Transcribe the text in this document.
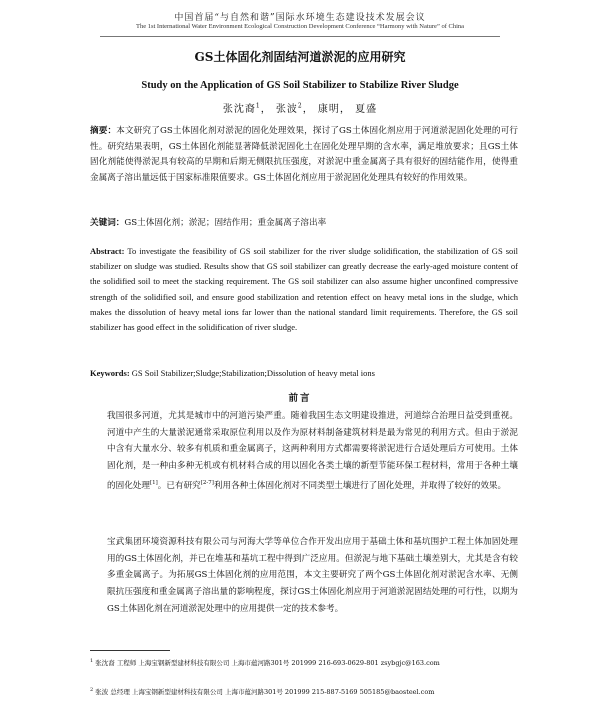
中国首届“与自然和谐”国际水环境生态建设技术发展会议
The 1st International Water Environment Ecological Construction Development Conference “Harmony with Nature” of China
GS土体固化剂固结河道淤泥的应用研究
Study on the Application of GS Soil Stabilizer to Stabilize River Sludge
张沈裔$^1$， 张波$^2$， 康明， 夏盛
摘要：本文研究了GS土体固化剂对淤泥的固化处理效果，探讨了GS土体固化剂应用于河道淤泥固化处理的可行性。研究结果表明，GS土体固化剂能显著降低淤泥固化土在固化处理早期的含水率，满足堆放要求；且GS土体固化剂能使得淤泥具有较高的早期和后期无侧限抗压强度，对淤泥中重金属离子具有很好的固结能作用，使得重金属离子溶出量远低于国家标准限值要求。GS土体固化剂应用于淤泥固化处理具有较好的作用效果。
关键词：GS土体固化剂；淤泥；固结作用；重金属离子溶出率
Abstract: To investigate the feasibility of GS soil stabilizer for the river sludge solidification, the stabilization of GS soil stabilizer on sludge was studied. Results show that GS soil stabilizer can greatly decrease the early-aged moisture content of the solidified soil to meet the stacking requirement. The GS soil stabilizer can also assume higher unconfined compressive strength of the solidified soil, and ensure good stabilization and retention effect on heavy metal ions in the sludge, which makes the dissolution of heavy metal ions far lower than the national standard limit requirements. Therefore, the GS soil stabilizer has good effect in the solidification of river sludge.
Keywords: GS Soil Stabilizer;Sludge;Stabilization;Dissolution of heavy metal ions
前言
我国很多河道，尤其是城市中的河道污染严重。随着我国生态文明建设推进，河道综合治理日益受到重视。河道中产生的大量淤泥通常采取原位利用以及作为原材料制备建筑材料是最为常见的利用方式。但由于淤泥中含有大量水分、较多有机质和重金属离子，这两种利用方式都需要将淤泥进行合适处理后方可使用。土体固化剂，是一种由多种无机或有机材料合成的用以固化各类土壤的新型节能环保工程材料，常用于各种土壤的固化处理[1]。已有研究[2-7]利用各种土体固化剂对不同类型土壤进行了固化处理，并取得了较好的效果。
宝武集团环境资源科技有限公司与河海大学等单位合作开发出应用于基础土体和基坑围护工程土体加固处理用的GS土体固化剂，并已在堆基和基坑工程中得到广泛应用。但淤泥与地下基础土壤差别大，尤其是含有较多重金属离子。为拓展GS土体固化剂的应用范围，本文主要研究了两个GS土体固化剂对淤泥含水率、无侧限抗压强度和重金属离子溶出量的影响程度，探讨GS土体固化剂应用于河道淤泥固结处理的可行性，以期为GS土体固化剂在河道淤泥处理中的应用提供一定的技术参考。
$^1$ 张沈裔 工程师 上海宝钢新型建材科技有限公司 上海市蕴河路301号 201999 216-693-0629-801 zsybgjc@163.com
$^2$ 张波 总经理 上海宝钢新型建材科技有限公司 上海市蕴河路301号 201999 215-887-5169 505185@baosteel.com
